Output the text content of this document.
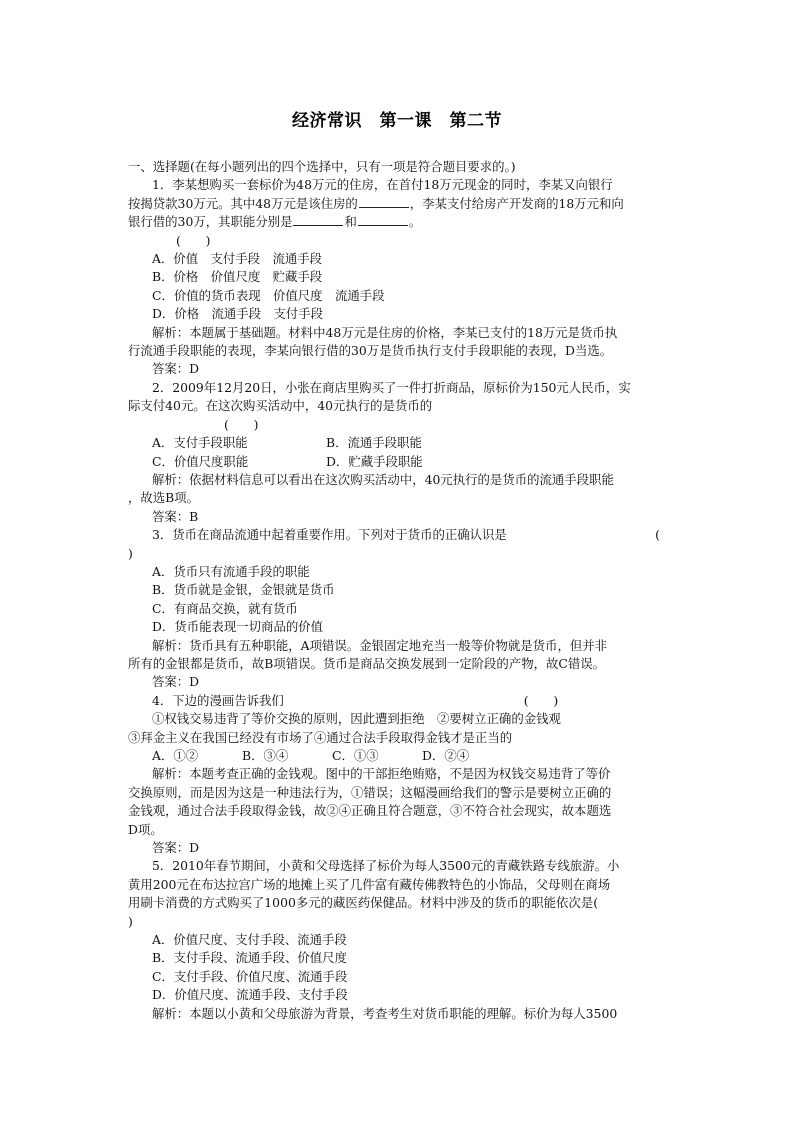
经济常识　第一课　第二节

一、选择题(在每小题列出的四个选择中，只有一项是符合题目要求的。)

1．李某想购买一套标价为48万元的住房，在首付18万元现金的同时，李某又向银行

按揭贷款30万元。其中48万元是该住房的	，李某支付给房产开发商的18万元和向

银行借的30万，其职能分别是	和	。

(　　)

A．价值　支付手段　流通手段

B．价格　价值尺度　贮藏手段

C．价值的货币表现　价值尺度　流通手段

D．价格　流通手段　支付手段

解析：本题属于基础题。材料中48万元是住房的价格，李某已支付的18万元是货币执

行流通手段职能的表现，李某向银行借的30万是货币执行支付手段职能的表现，D当选。

答案：D

2．2009年12月20日，小张在商店里购买了一件打折商品，原标价为150元人民币，实

际支付40元。在这次购买活动中，40元执行的是货币的

(　　)

A．支付手段职能	B．流通手段职能
C．价值尺度职能	D．贮藏手段职能

解析：依据材料信息可以看出在这次购买活动中，40元执行的是货币的流通手段职能

，故选B项。

答案：B

3．货币在商品流通中起着重要作用。下列对于货币的正确认识是	(

)

A．货币只有流通手段的职能

B．货币就是金银，金银就是货币

C．有商品交换，就有货币

D．货币能表现一切商品的价值

解析：货币具有五种职能，A项错误。金银固定地充当一般等价物就是货币，但并非

所有的金银都是货币，故B项错误。货币是商品交换发展到一定阶段的产物，故C错误。

答案：D

4．下边的漫画告诉我们	(　　)

①权钱交易违背了等价交换的原则，因此遭到拒绝　②要树立正确的金钱观

③拜金主义在我国已经没有市场了④通过合法手段取得金钱才是正当的

A．①②	B．③④	C．①③	D．②④

解析：本题考查正确的金钱观。图中的干部拒绝贿赂，不是因为权钱交易违背了等价

交换原则，而是因为这是一种违法行为，①错误；这幅漫画给我们的警示是要树立正确的

金钱观，通过合法手段取得金钱，故②④正确且符合题意，③不符合社会现实，故本题选

D项。

答案：D

5．2010年春节期间，小黄和父母选择了标价为每人3500元的青藏铁路专线旅游。小

黄用200元在布达拉宫广场的地摊上买了几件富有藏传佛教特色的小饰品，父母则在商场

用刷卡消费的方式购买了1000多元的藏医药保健品。材料中涉及的货币的职能依次是(

)

A．价值尺度、支付手段、流通手段

B．支付手段、流通手段、价值尺度

C．支付手段、价值尺度、流通手段

D．价值尺度、流通手段、支付手段

解析：本题以小黄和父母旅游为背景，考查考生对货币职能的理解。标价为每人3500
